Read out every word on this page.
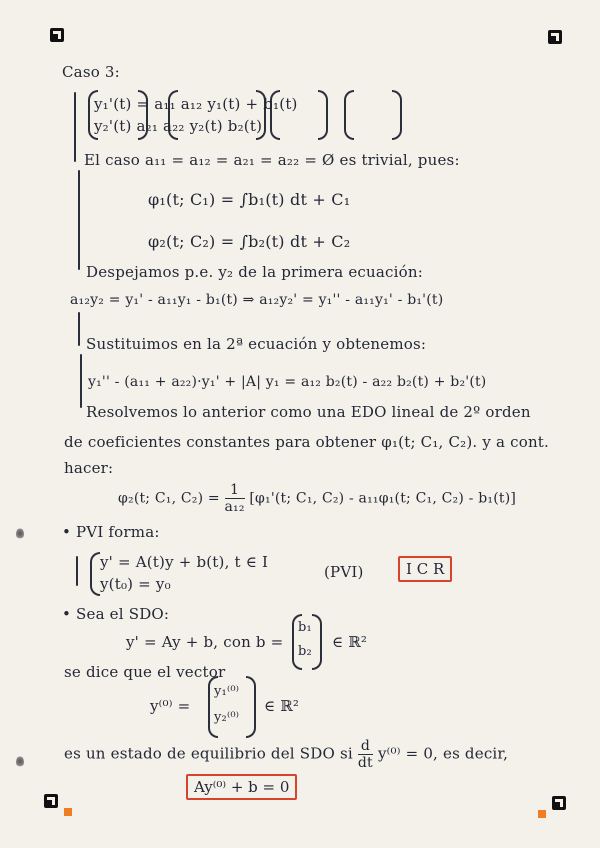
Caso 3:
y₁'(t) = a₁₁ a₁₂ y₁(t) + b₁(t)
y₂'(t) a₂₁ a₂₂ y₂(t) b₂(t)
El caso a₁₁ = a₁₂ = a₂₁ = a₂₂ = Ø es trivial, pues:
φ₁(t; C₁) = ∫b₁(t) dt + C₁
φ₂(t; C₂) = ∫b₂(t) dt + C₂
Despejamos p.e. y₂ de la primera ecuación:
a₁₂y₂ = y₁' - a₁₁y₁ - b₁(t) ⇒ a₁₂y₂' = y₁'' - a₁₁y₁' - b₁'(t)
Sustituimos en la 2ª ecuación y obtenemos:
y₁'' - (a₁₁ + a₂₂)·y₁' + |A| y₁ = a₁₂ b₂(t) - a₂₂ b₂(t) + b₂'(t)
Resolvemos lo anterior como una EDO lineal de 2º orden
de coeficientes constantes para obtener φ₁(t; C₁, C₂). y a cont.
hacer:
φ₂(t; C₁, $C_2) = \frac{1}{\text{a₁₂}} [\varphi_1'(t$; C₁, C₂) - a₁₁φ₁(t; C₁, C₂) - b₁(t)]
• PVI forma:
y' = A(t)y + b(t), t ∈ I
y(t₀) = y₀
(PVI)	I C R
• Sea el SDO:
y' = Ay + b, con b =
b₁
b₂
∈ ℝ²
se dice que el vector
y⁽⁰⁾ =
y₁⁽⁰⁾
y₂⁽⁰⁾
∈ ℝ²
es un estado de equilibrio del SDO si $\frac{d}{dt} y^{(0)} = 0$, es decir,
Ay⁽⁰⁾ + b = 0
